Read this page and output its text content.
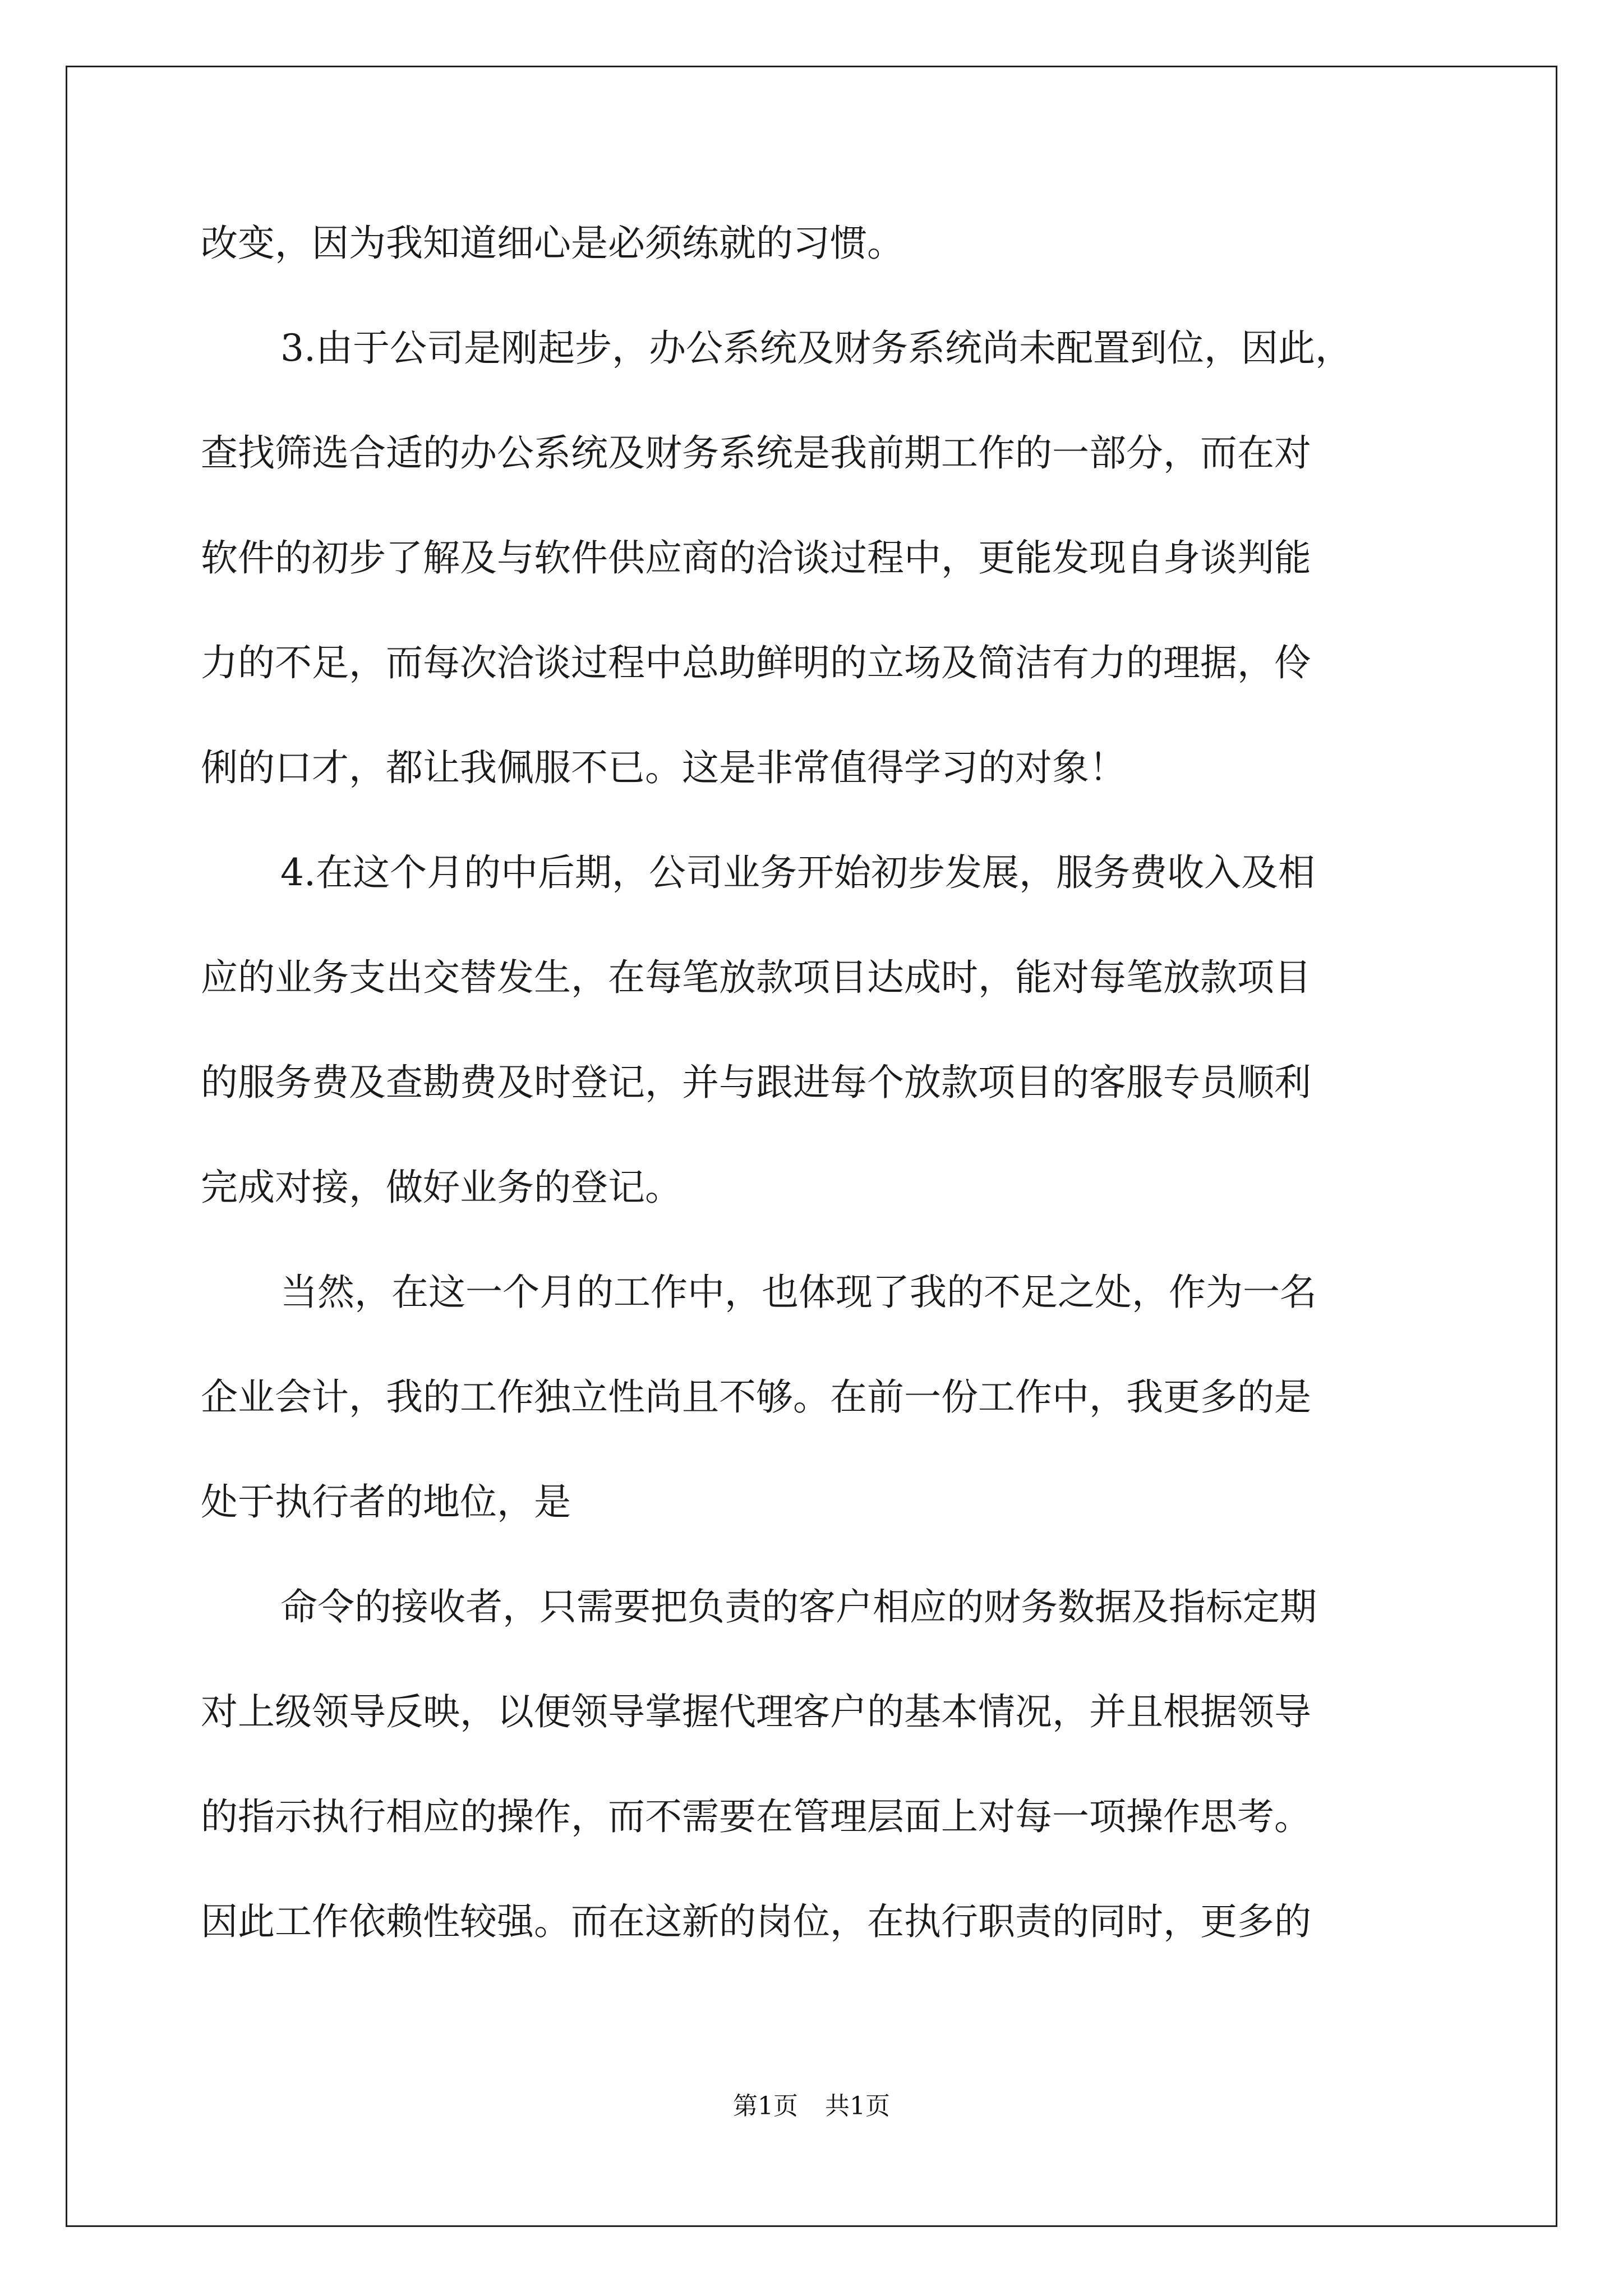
改变，因为我知道细心是必须练就的习惯。
3.由于公司是刚起步，办公系统及财务系统尚未配置到位，因此，
查找筛选合适的办公系统及财务系统是我前期工作的一部分，而在对
软件的初步了解及与软件供应商的洽谈过程中，更能发现自身谈判能
力的不足，而每次洽谈过程中总助鲜明的立场及简洁有力的理据，伶
俐的口才，都让我佩服不已。这是非常值得学习的对象！
4.在这个月的中后期，公司业务开始初步发展，服务费收入及相
应的业务支出交替发生，在每笔放款项目达成时，能对每笔放款项目
的服务费及查勘费及时登记，并与跟进每个放款项目的客服专员顺利
完成对接，做好业务的登记。
当然，在这一个月的工作中，也体现了我的不足之处，作为一名
企业会计，我的工作独立性尚且不够。在前一份工作中，我更多的是
处于执行者的地位，是
命令的接收者，只需要把负责的客户相应的财务数据及指标定期
对上级领导反映，以便领导掌握代理客户的基本情况，并且根据领导
的指示执行相应的操作，而不需要在管理层面上对每一项操作思考。
因此工作依赖性较强。而在这新的岗位，在执行职责的同时，更多的
第1页 共1页
